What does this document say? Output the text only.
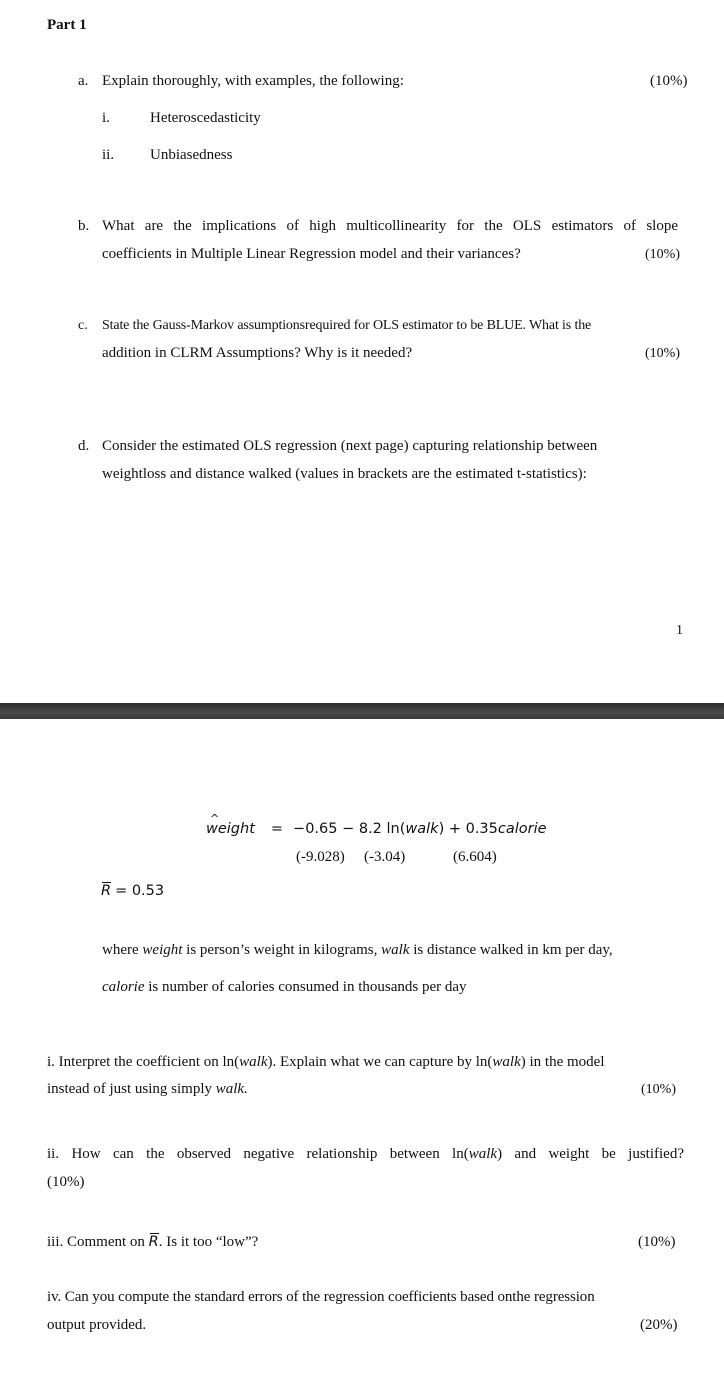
Part 1
a. Explain thoroughly, with examples, the following:	(10%)
i.	Heteroscedasticity
ii. Unbiasedness
b. What are the implications of high multicollinearity for the OLS estimators of slope
coefficients in Multiple Linear Regression model and their variances?	(10%)
c. State the Gauss-Markov assumptionsrequired for OLS estimator to be BLUE. What is the
addition in CLRM Assumptions? Why is it needed?	(10%)
d. Consider the estimated OLS regression (next page) capturing relationship between
weightloss and distance walked (values in brackets are the estimated t-statistics):
1
^ weight = −0.65 − 8.2 ln(walk) + 0.35calorie
(-9.028) (-3.04)	(6.604)
R = 0.53
where weight is person’s weight in kilograms, walk is distance walked in km per day,
calorie is number of calories consumed in thousands per day
i. Interpret the coefficient on ln(walk). Explain what we can capture by ln(walk) in the model
instead of just using simply walk.	(10%)
ii. How can the observed negative relationship between ln(walk) and weight be justified?
(10%)
iii. Comment on
R. Is it too “low”?	(10%)
iv. Can you compute the standard errors of the regression coefficients based onthe regression
output provided.	(20%)
